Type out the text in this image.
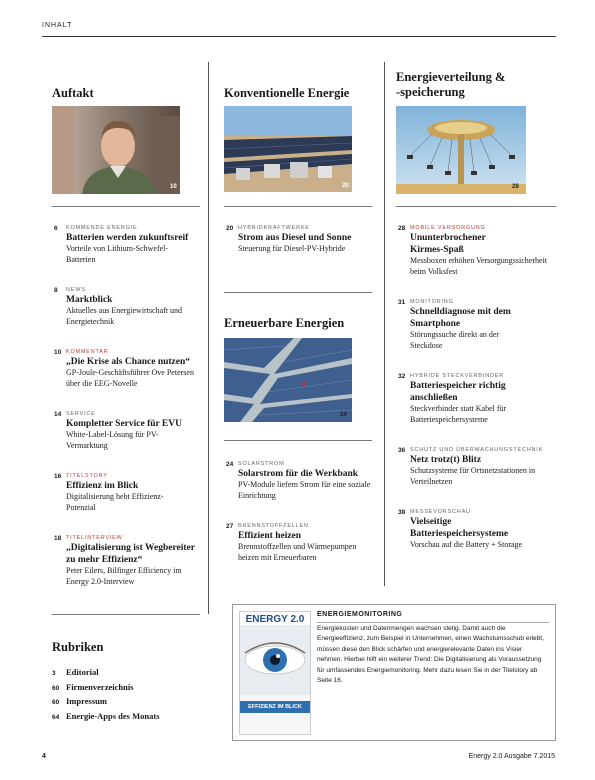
INHALT
Auftakt
10
6 KOMMENDE ENERGIE
Batterien werden zukunftsreif
Vorteile von Lithium-Schwefel-Batterien
8 NEWS
Marktblick
Aktuelles aus Energiewirtschaft und Energietechnik
10 KOMMENTAR
„Die Krise als Chance nutzen“
GP-Joule-Geschäftsführer Ove Petersen über die EEG-Novelle
14 SERVICE
Kompletter Service für EVU
White-Label-Lösung für PV-Vermarktung
16 TITELSTORY
Effizienz im Blick
Digitalisierung hebt Effizienz-Potenzial
18 TITELINTERVIEW
„Digitalisierung ist Wegbereiter zu mehr Effizienz“
Peter Eilers, Bilfinger Efficiency im Energy 2.0-Interview
Rubriken
3 Editorial
60 Firmenverzeichnis
60 Impressum
64 Energie-Apps des Monats
Konventionelle Energie
20
20 HYBRIDKRAFTWERKE
Strom aus Diesel und Sonne
Steuerung für Diesel-PV-Hybride
Erneuerbare Energien
24
24 SOLARSTROM
Solarstrom für die Werkbank
PV-Module liefern Strom für eine soziale Einrichtung
27 BRENNSTOFFZELLEN
Effizient heizen
Brennstoffzellen und Wärmepumpen heizen mit Erneuerbaren
Energieverteilung &
-speicherung
28
28 MOBILE VERSORGUNG
Ununterbrochener Kirmes-Spaß
Messboxen erhöhen Versorgungssicherheit beim Volksfest
31 MONITORING
Schnelldiagnose mit dem Smartphone
Störungssuche direkt an der Steckdose
32 HYBRIDE STECKVERBINDER
Batteriespeicher richtig anschließen
Steckverbinder statt Kabel für Batteriespeichersysteme
36 SCHUTZ UND ÜBERWACHUNGSTECHNIK
Netz trotz(t) Blitz
Schutzsysteme für Ortsnetzstationen in Verteilnetzen
38 MESSEVORSCHAU
Vielseitige Batteriespeichersysteme
Vorschau auf die Battery + Storage
ENERGY 2.0
EFFIZIENZ IM BLICK
ENERGIEMONITORING
Energiekosten und Datenmengen wachsen stetig. Damit auch die Energieeffizienz, zum Beispiel in Unternehmen, einen Wachstumsschub erlebt, müssen diese den Blick schärfen und energierelevante Daten ins Visier nehmen. Hierbei hilft ein weiterer Trend: Die Digitalisierung als Voraussetzung für umfassendes Energiemonitoring. Mehr dazu lesen Sie in der Titelstory ab Seite 16.
4	Energy 2.0 Ausgabe 7.2015
